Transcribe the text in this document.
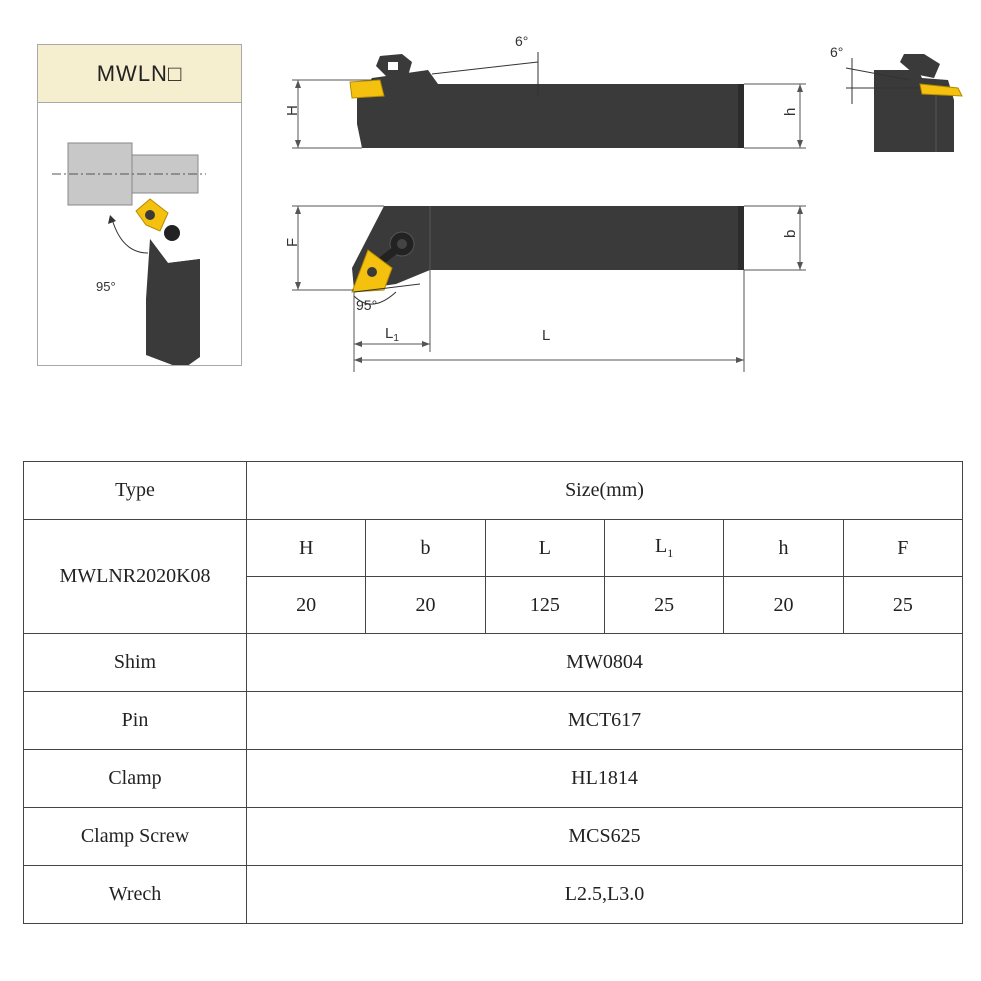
MWLN□
95°
6°
H	h
6°
95°
F
b
$L_1$	L
Type	Size(mm)					
MWLNR2020K08	H	b	L	$L_1$	h	F
	20	20	125	25	20	25
Shim	MW0804					
Pin	MCT617					
Clamp	HL1814					
Clamp Screw	MCS625					
Wrech	L2.5,L3.0					
